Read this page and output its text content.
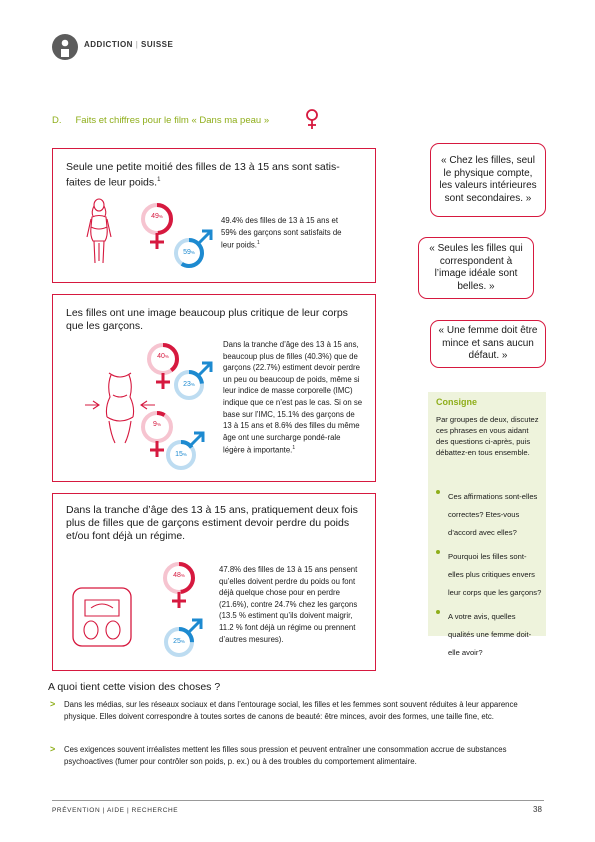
ADDICTION | SUISSE
D. Faits et chiffres pour le film « Dans ma peau »
Seule une petite moitié des filles de 13 à 15 ans sont satis-faites de leur poids.$^1$
49%
59%
49.4% des filles de 13 à 15 ans et 59% des garçons sont satisfaits de leur poids.$^1$
Les filles ont une image beaucoup plus critique de leur corps que les garçons.
40%
23%
9%
15%
Dans la tranche d’âge des 13 à 15 ans, beaucoup plus de filles (40.3%) que de garçons (22.7%) estiment devoir perdre un peu ou beaucoup de poids, même si leur indice de masse corporelle (IMC) indique que ce n’est pas le cas. Si on se base sur l’IMC, 15.1% des garçons de 13 à 15 ans et 8.6% des filles du même âge ont une surcharge pondé-rale légère à importante.$^1$
Dans la tranche d’âge des 13 à 15 ans, pratiquement deux fois plus de filles que de garçons estiment devoir perdre du poids et/ou font déjà un régime.
48%
25%
47.8% des filles de 13 à 15 ans pensent qu’elles doivent perdre du poids ou font déjà quelque chose pour en perdre (21.6%), contre 24.7% chez les garçons (13.5 % estiment qu’ils doivent maigrir, 11.2 % font déjà un régime ou prennent d’autres mesures).
« Chez les filles, seul le physique compte, les valeurs intérieures sont secondaires. »
« Seules les filles qui correspondent à l’image idéale sont belles. »
« Une femme doit être mince et sans aucun défaut. »
Consigne
Par groupes de deux, discutez ces phrases en vous aidant des questions ci-après, puis débattez-en tous ensemble.
Ces affirmations sont-elles correctes? Etes-vous d’accord avec elles?
Pourquoi les filles sont-elles plus critiques envers leur corps que les garçons?
A votre avis, quelles qualités une femme doit-elle avoir?
A quoi tient cette vision des choses ?
> Dans les médias, sur les réseaux sociaux et dans l’entourage social, les filles et les femmes sont souvent réduites à leur apparence physique. Elles doivent correspondre à toutes sortes de canons de beauté: être minces, avoir des formes, une taille fine, etc.
> Ces exigences souvent irréalistes mettent les filles sous pression et peuvent entraîner une consommation accrue de substances psychoactives (fumer pour contrôler son poids, p. ex.) ou à des troubles du comportement alimentaire.
PRÉVENTION | AIDE | RECHERCHE	38
